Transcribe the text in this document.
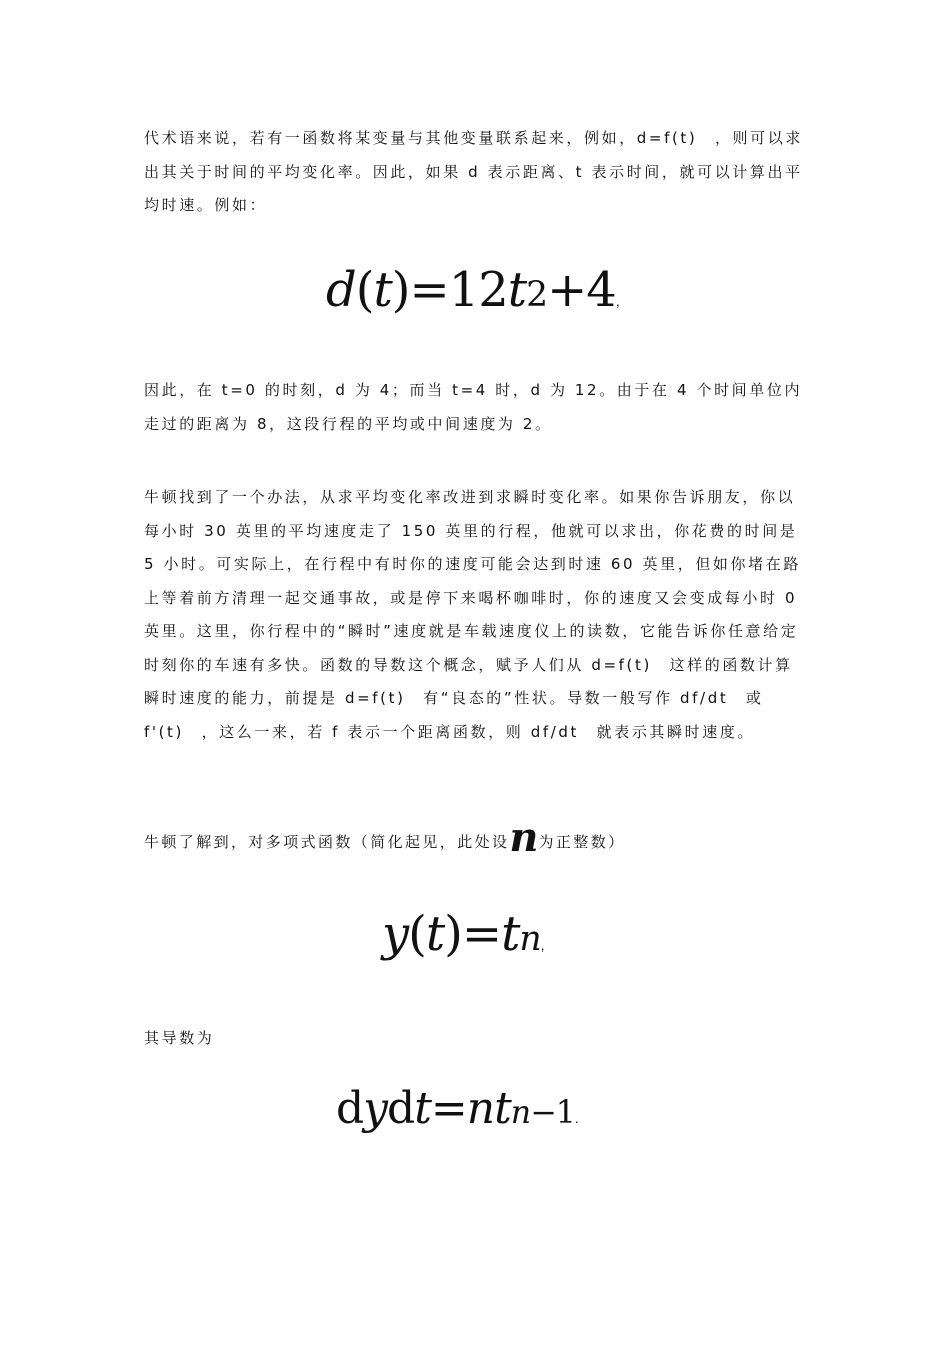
代术语来说，若有一函数将某变量与其他变量联系起来，例如，d=f(t)　，则可以求出其关于时间的平均变化率。因此，如果 d 表示距离、t 表示时间，就可以计算出平均时速。例如：

d(t)=12t2+4,

因此，在 t=0 的时刻，d 为 4；而当 t=4 时，d 为 12。由于在 4 个时间单位内走过的距离为 8，这段行程的平均或中间速度为 2。

牛顿找到了一个办法，从求平均变化率改进到求瞬时变化率。如果你告诉朋友，你以每小时 30 英里的平均速度走了 150 英里的行程，他就可以求出，你花费的时间是 5 小时。可实际上，在行程中有时你的速度可能会达到时速 60 英里，但如你堵在路上等着前方清理一起交通事故，或是停下来喝杯咖啡时，你的速度又会变成每小时 0 英里。这里，你行程中的“瞬时”速度就是车载速度仪上的读数，它能告诉你任意给定时刻你的车速有多快。函数的导数这个概念，赋予人们从 d=f(t)　这样的函数计算瞬时速度的能力，前提是 d=f(t)　有“良态的”性状。导数一般写作 df/dt　或 f'(t)　，这么一来，若 f 表示一个距离函数，则 df/dt　就表示其瞬时速度。

牛顿了解到，对多项式函数（简化起见，此处设n为正整数）

y(t)=tn,

其导数为

dydt=ntn−1.
